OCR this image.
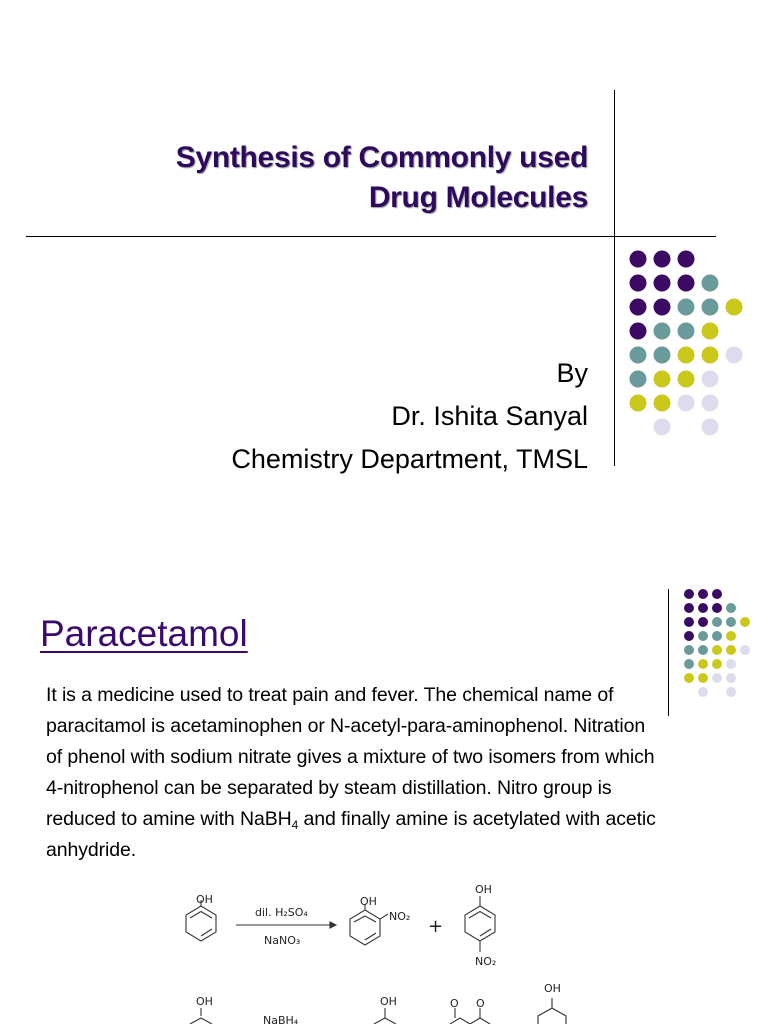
Synthesis of Commonly used
Drug Molecules
By
Dr. Ishita Sanyal
Chemistry Department, TMSL
Paracetamol
It is a medicine used to treat pain and fever. The chemical name of paracitamol is acetaminophen or N-acetyl-para-aminophenol. Nitration of phenol with sodium nitrate gives a mixture of two isomers from which 4-nitrophenol can be separated by steam distillation. Nitro group is reduced to amine with NaBH$_4$ and finally amine is acetylated with acetic anhydride.
OH
dil. H₂SO₄
NaNO₃
OH
NO₂
OH
NO₂
OH
NaBH₄
OH	O O
OH
+
